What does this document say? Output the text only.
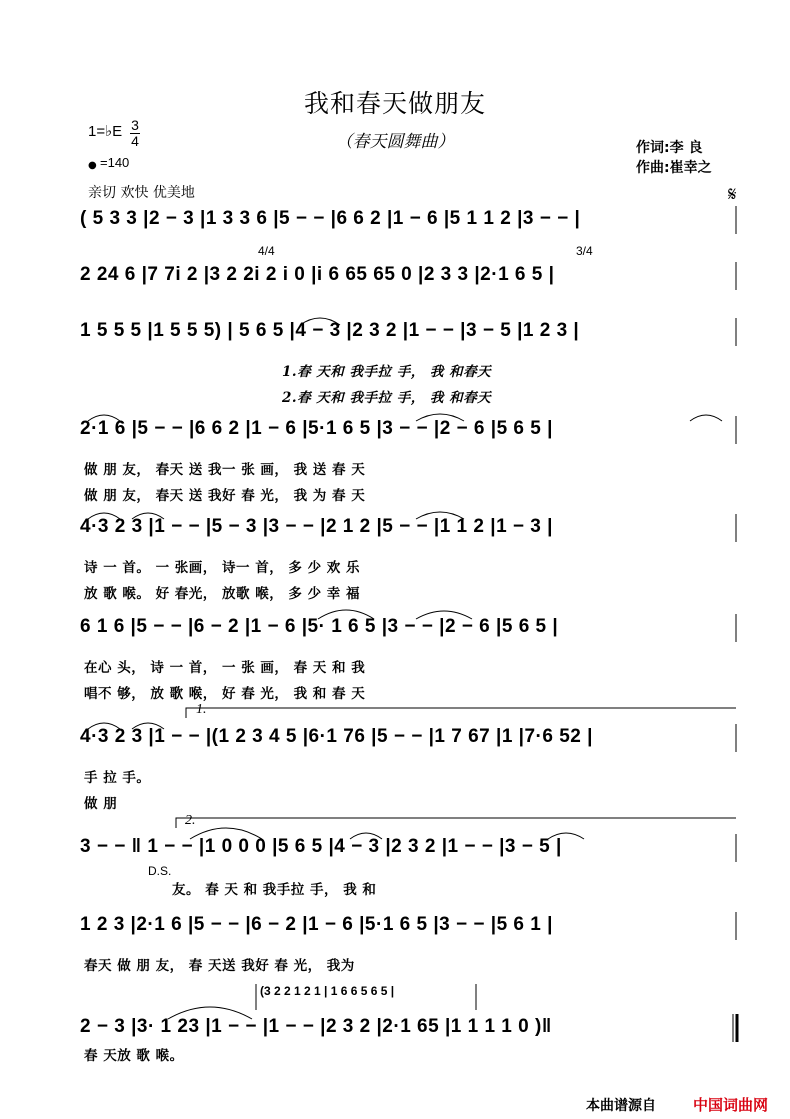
我和春天做朋友
（春天圆舞曲）	作词:李 良
作曲:崔幸之
1=♭E 3
4
● =140
亲切 欢快 优美地	𝄋
4/4	3/4
1.
2.
D.S.
( 5 3 3 |2 − 3 |1 3 3 6 |5 − − |6 6 2 |1 − 6 |5 1 1 2 |3 − − |
2 24 6 |7 7i 2 |3 2 2i 2 i 0 |i 6 65 65 0 |2 3 3 |2·1 6 5 |
1 5 5 5 |1 5 5 5) | 5 6 5 |4 − 3 |2 3 2 |1 − − |3 − 5 |1 2 3 |
1.春 天和 我手拉 手， 我 和春天
2.春 天和 我手拉 手， 我 和春天
2·1 6 |5 − − |6 6 2 |1 − 6 |5·1 6 5 |3 − − |2 − 6 |5 6 5 |
做 朋 友， 春天 送 我一 张 画， 我 送 春 天
做 朋 友， 春天 送 我好 春 光， 我 为 春 天
4·3 2 3 |1 − − |5 − 3 |3 − − |2 1 2 |5 − − |1 1 2 |1 − 3 |
诗 一 首。 一 张画， 诗一 首， 多 少 欢 乐
放 歌 喉。 好 春光， 放歌 喉， 多 少 幸 福
6 1 6 |5 − − |6 − 2 |1 − 6 |5· 1 6 5 |3 − − |2 − 6 |5 6 5 |
在心 头， 诗 一 首， 一 张 画， 春 天 和 我
唱不 够， 放 歌 喉， 好 春 光， 我 和 春 天
4·3 2 3 |1 − − |(1 2 3 4 5 |6·1 76 |5 − − |1 7 67 |1 |7·6 52 |
手 拉 手。
做 朋
3 − − ‖ 1 − − |1 0 0 0 |5 6 5 |4 − 3 |2 3 2 |1 − − |3 − 5 |
友。 春 天 和 我手拉 手， 我 和
1 2 3 |2·1 6 |5 − − |6 − 2 |1 − 6 |5·1 6 5 |3 − − |5 6 1 |
春天 做 朋 友， 春 天送 我好 春 光， 我为
(3 2 2 1 2 1 | 1 6 6 5 6 5 |
2 − 3 |3· 1 23 |1 − − |1 − − |2 3 2 |2·1 65 |1 1 1 1 0 )‖
春 天放 歌 喉。
本曲谱源自 中国词曲网
